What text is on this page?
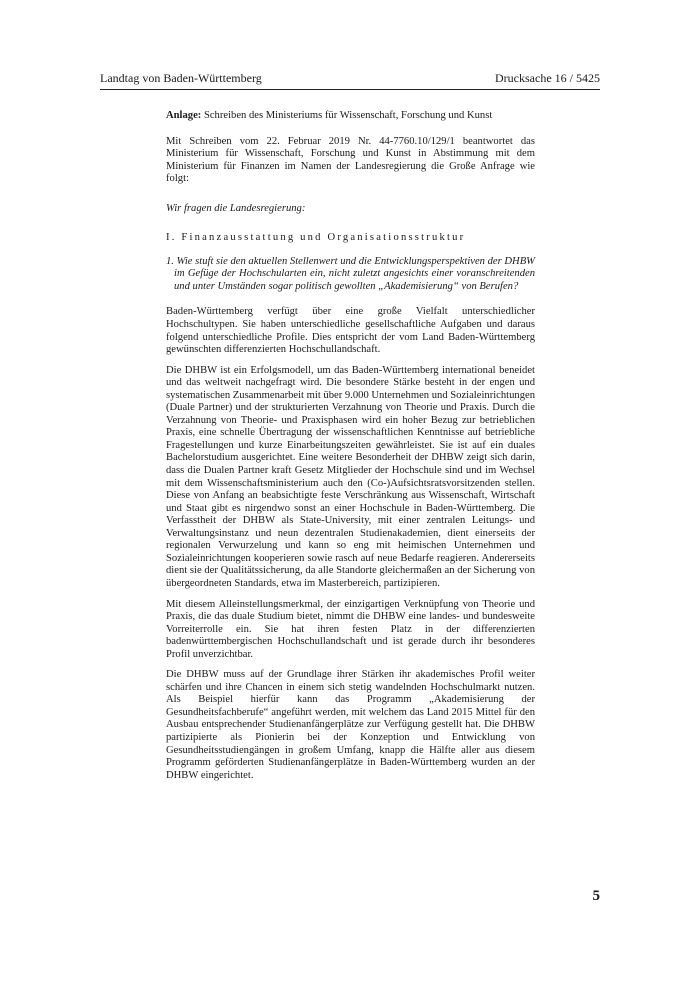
Landtag von Baden-Württemberg	Drucksache 16 / 5425

Anlage: Schreiben des Ministeriums für Wissenschaft, Forschung und Kunst

Mit Schreiben vom 22. Februar 2019 Nr. 44-7760.10/129/1 beantwortet das Ministerium für Wissenschaft, Forschung und Kunst in Abstimmung mit dem Ministerium für Finanzen im Namen der Landesregierung die Große Anfrage wie folgt:

Wir fragen die Landesregierung:

I. Finanzausstattung und Organisationsstruktur

1. Wie stuft sie den aktuellen Stellenwert und die Entwicklungsperspektiven der DHBW im Gefüge der Hochschularten ein, nicht zuletzt angesichts einer voranschreitenden und unter Umständen sogar politisch gewollten „Akademisierung“ von Berufen?

Baden-Württemberg verfügt über eine große Vielfalt unterschiedlicher Hochschultypen. Sie haben unterschiedliche gesellschaftliche Aufgaben und daraus folgend unterschiedliche Profile. Dies entspricht der vom Land Baden-Württemberg gewünschten differenzierten Hochschullandschaft.

Die DHBW ist ein Erfolgsmodell, um das Baden-Württemberg international beneidet und das weltweit nachgefragt wird. Die besondere Stärke besteht in der engen und systematischen Zusammenarbeit mit über 9.000 Unternehmen und Sozialeinrichtungen (Duale Partner) und der strukturierten Verzahnung von Theorie und Praxis. Durch die Verzahnung von Theorie- und Praxisphasen wird ein hoher Bezug zur betrieblichen Praxis, eine schnelle Übertragung der wissenschaftlichen Kenntnisse auf betriebliche Fragestellungen und kurze Einarbeitungszeiten gewährleistet. Sie ist auf ein duales Bachelorstudium ausgerichtet. Eine weitere Besonderheit der DHBW zeigt sich darin, dass die Dualen Partner kraft Gesetz Mitglieder der Hochschule sind und im Wechsel mit dem Wissenschaftsministerium auch den (Co-)Aufsichtsratsvorsitzenden stellen. Diese von Anfang an beabsichtigte feste Verschränkung aus Wissenschaft, Wirtschaft und Staat gibt es nirgendwo sonst an einer Hochschule in Baden-Württemberg. Die Verfasstheit der DHBW als State-University, mit einer zentralen Leitungs- und Verwaltungsinstanz und neun dezentralen Studienakademien, dient einerseits der regionalen Verwurzelung und kann so eng mit heimischen Unternehmen und Sozialeinrichtungen kooperieren sowie rasch auf neue Bedarfe reagieren. Andererseits dient sie der Qualitätssicherung, da alle Standorte gleichermaßen an der Sicherung von übergeordneten Standards, etwa im Masterbereich, partizipieren.

Mit diesem Alleinstellungsmerkmal, der einzigartigen Verknüpfung von Theorie und Praxis, die das duale Studium bietet, nimmt die DHBW eine landes- und bundesweite Vorreiterrolle ein. Sie hat ihren festen Platz in der differenzierten badenwürttembergischen Hochschullandschaft und ist gerade durch ihr besonderes Profil unverzichtbar.

Die DHBW muss auf der Grundlage ihrer Stärken ihr akademisches Profil weiter schärfen und ihre Chancen in einem sich stetig wandelnden Hochschulmarkt nutzen. Als Beispiel hierfür kann das Programm „Akademisierung der Gesundheitsfachberufe“ angeführt werden, mit welchem das Land 2015 Mittel für den Ausbau entsprechender Studienanfängerplätze zur Verfügung gestellt hat. Die DHBW partizipierte als Pionierin bei der Konzeption und Entwicklung von Gesundheitsstudiengängen in großem Umfang, knapp die Hälfte aller aus diesem Programm geförderten Studienanfängerplätze in Baden-Württemberg wurden an der DHBW eingerichtet.

5
